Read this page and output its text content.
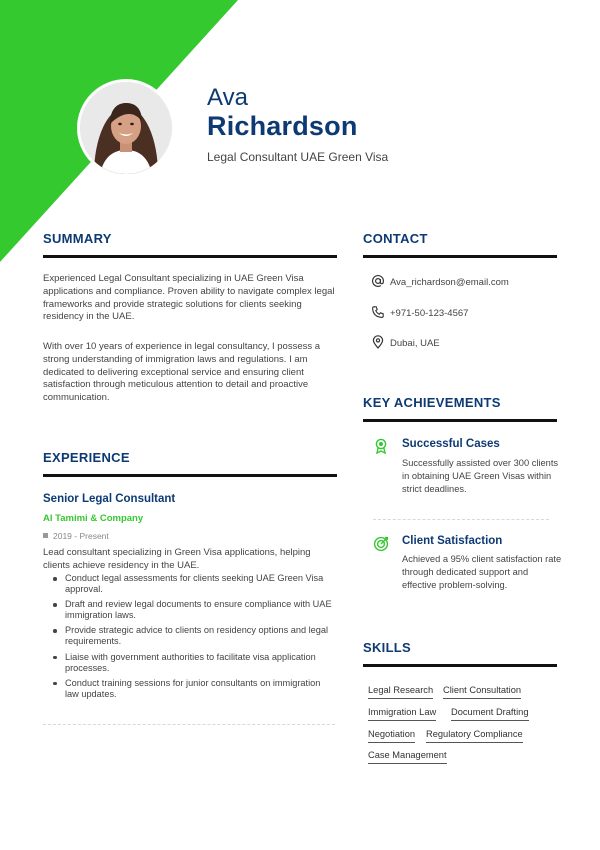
Ava
Richardson
Legal Consultant UAE Green Visa
SUMMARY
Experienced Legal Consultant specializing in UAE Green Visa applications and compliance. Proven ability to navigate complex legal frameworks and provide strategic solutions for clients seeking residency in the UAE.
With over 10 years of experience in legal consultancy, I possess a strong understanding of immigration laws and regulations. I am dedicated to delivering exceptional service and ensuring client satisfaction through meticulous attention to detail and proactive communication.
EXPERIENCE
Senior Legal Consultant
Al Tamimi & Company
2019 - Present
Lead consultant specializing in Green Visa applications, helping clients achieve residency in the UAE.
Conduct legal assessments for clients seeking UAE Green Visa approval.
Draft and review legal documents to ensure compliance with UAE immigration laws.
Provide strategic advice to clients on residency options and legal requirements.
Liaise with government authorities to facilitate visa application processes.
Conduct training sessions for junior consultants on immigration law updates.
CONTACT
Ava_richardson@email.com
+971-50-123-4567
Dubai, UAE
KEY ACHIEVEMENTS
Successful Cases
Successfully assisted over 300 clients in obtaining UAE Green Visas within strict deadlines.
Client Satisfaction
Achieved a 95% client satisfaction rate through dedicated support and effective problem-solving.
SKILLS
Legal Research Client Consultation
Immigration Law Document Drafting
Negotiation Regulatory Compliance
Case Management
